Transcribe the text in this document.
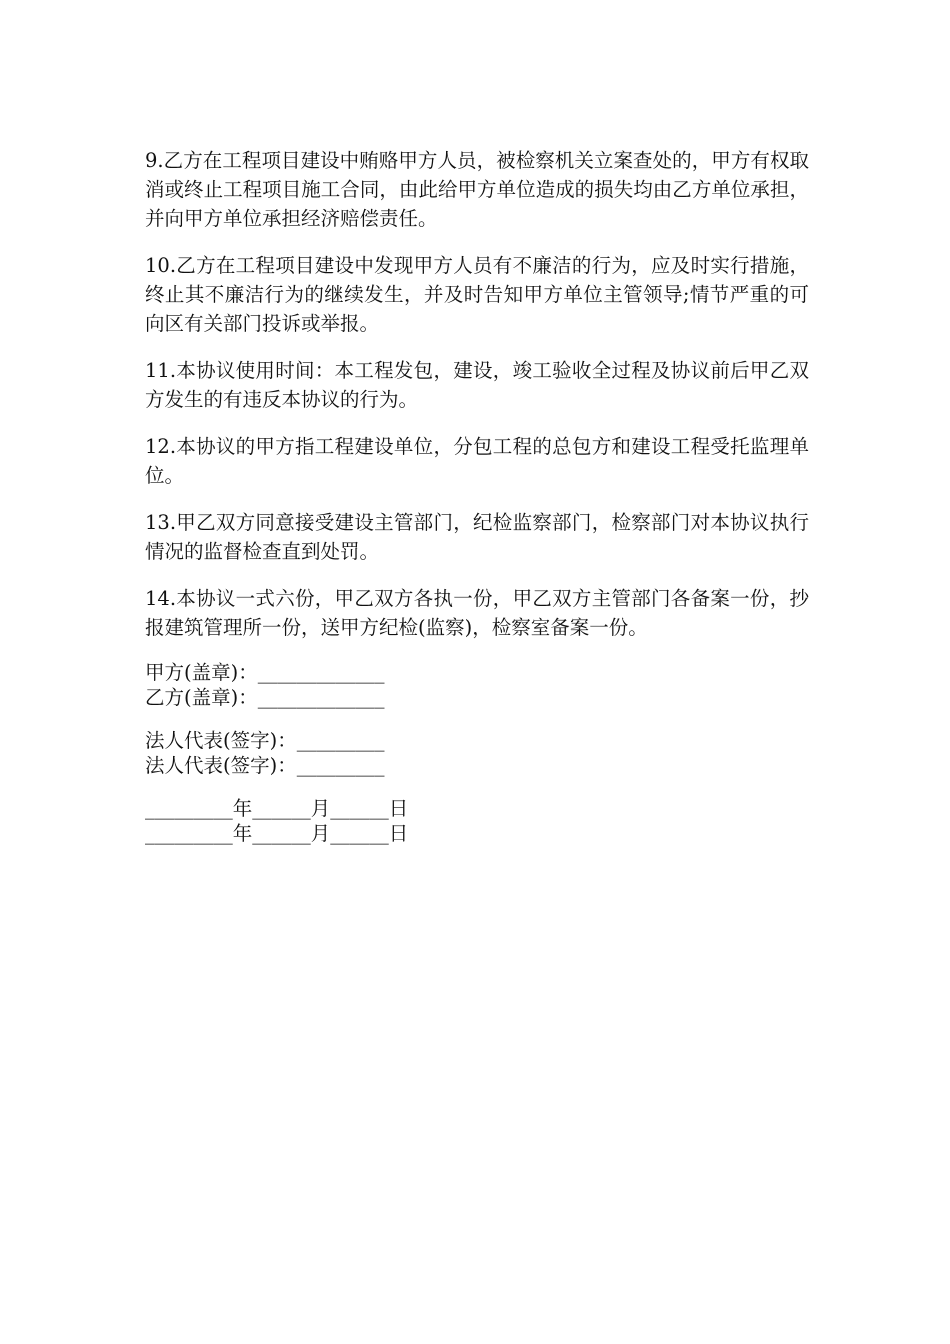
9.乙方在工程项目建设中贿赂甲方人员，被检察机关立案查处的，甲方有权取消或终止工程项目施工合同，由此给甲方单位造成的损失均由乙方单位承担，并向甲方单位承担经济赔偿责任。

10.乙方在工程项目建设中发现甲方人员有不廉洁的行为，应及时实行措施，终止其不廉洁行为的继续发生，并及时告知甲方单位主管领导;情节严重的可向区有关部门投诉或举报。

11.本协议使用时间：本工程发包，建设，竣工验收全过程及协议前后甲乙双方发生的有违反本协议的行为。

12.本协议的甲方指工程建设单位，分包工程的总包方和建设工程受托监理单位。

13.甲乙双方同意接受建设主管部门，纪检监察部门，检察部门对本协议执行情况的监督检查直到处罚。

14.本协议一式六份，甲乙双方各执一份，甲乙双方主管部门各备案一份，抄报建筑管理所一份，送甲方纪检(监察)，检察室备案一份。

甲方(盖章)：_____________
乙方(盖章)：_____________
法人代表(签字)：_________
法人代表(签字)：_________
_________年______月______日
_________年______月______日
